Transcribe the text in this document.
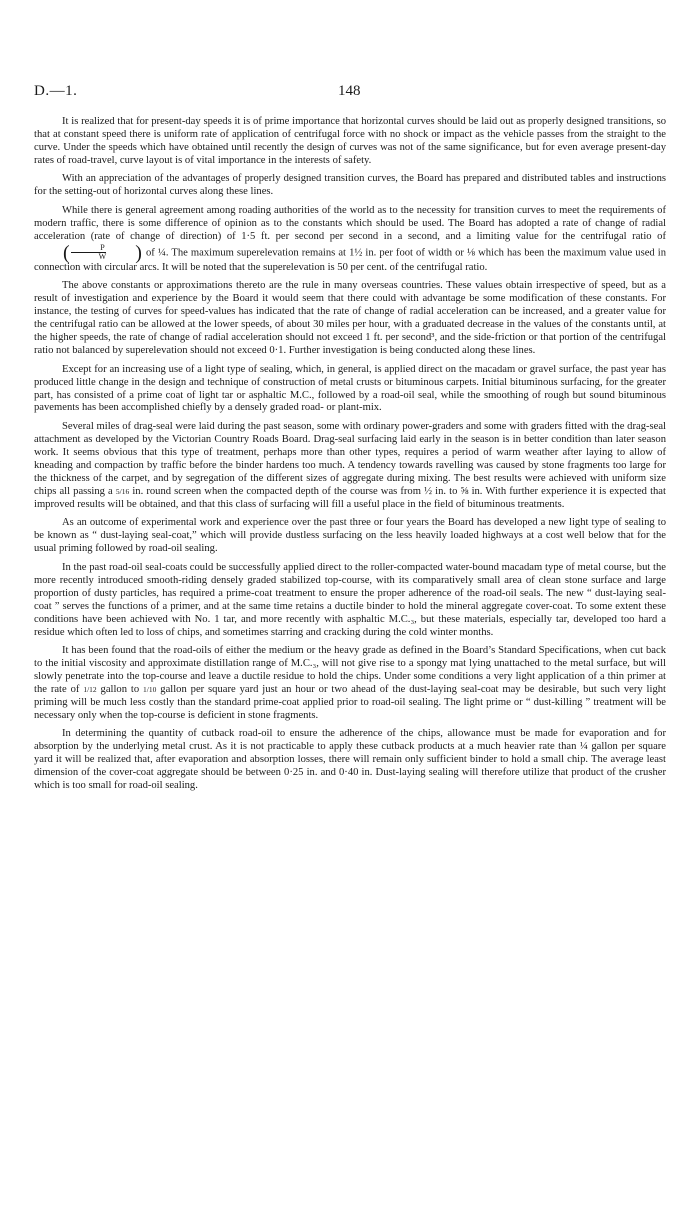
D.—1.	148

It is realized that for present-day speeds it is of prime importance that horizontal curves should be laid out as properly designed transitions, so that at constant speed there is uniform rate of application of centrifugal force with no shock or impact as the vehicle passes from the straight to the curve. Under the speeds which have obtained until recently the design of curves was not of the same significance, but for even average present-day rates of road-travel, curve layout is of vital importance in the interests of safety.

With an appreciation of the advantages of properly designed transition curves, the Board has prepared and distributed tables and instructions for the setting-out of horizontal curves along these lines.

While there is general agreement among roading authorities of the world as to the necessity for transition curves to meet the requirements of modern traffic, there is some difference of opinion as to the constants which should be used. The Board has adopted a rate of change of radial acceleration (rate of change of direction) of 1·5 ft. per second per second in a second, and a limiting value for the centrifugal ratio of
( $\frac{P}{W}$	) of ¼. The maximum superelevation remains at 1½ in. per foot of width or ⅛ which has been the maximum value used in connection with circular arcs. It will be noted that the superelevation is 50 per cent. of the centrifugal ratio.

The above constants or approximations thereto are the rule in many overseas countries. These values obtain irrespective of speed, but as a result of investigation and experience by the Board it would seem that there could with advantage be some modification of these constants. For instance, the testing of curves for speed-values has indicated that the rate of change of radial acceleration can be increased, and a greater value for the centrifugal ratio can be allowed at the lower speeds, of about 30 miles per hour, with a graduated decrease in the values of the constants until, at the higher speeds, the rate of change of radial acceleration should not exceed 1 ft. per second³, and the side-friction or that portion of the centrifugal ratio not balanced by superelevation should not exceed 0·1. Further investigation is being conducted along these lines.

Except for an increasing use of a light type of sealing, which, in general, is applied direct on the macadam or gravel surface, the past year has produced little change in the design and technique of construction of metal crusts or bituminous carpets. Initial bituminous surfacing, for the greater part, has consisted of a prime coat of light tar or asphaltic M.C., followed by a road-oil seal, while the smoothing of rough but sound bituminous pavements has been accomplished chiefly by a densely graded road- or plant-mix.

Several miles of drag-seal were laid during the past season, some with ordinary power-graders and some with graders fitted with the drag-seal attachment as developed by the Victorian Country Roads Board. Drag-seal surfacing laid early in the season is in better condition than later season work. It seems obvious that this type of treatment, perhaps more than other types, requires a period of warm weather after laying to allow of kneading and compaction by traffic before the binder hardens too much. A tendency towards ravelling was caused by stone fragments too large for the thickness of the carpet, and by segregation of the different sizes of aggregate during mixing. The best results were achieved with uniform size chips all passing a 5/16 in. round screen when the compacted depth of the course was from ½ in. to ⅝ in. With further experience it is expected that improved results will be obtained, and that this class of surfacing will fill a useful place in the field of bituminous treatments.

As an outcome of experimental work and experience over the past three or four years the Board has developed a new light type of sealing to be known as “ dust-laying seal-coat,” which will provide dustless surfacing on the less heavily loaded highways at a cost well below that for the usual priming followed by road-oil sealing.

In the past road-oil seal-coats could be successfully applied direct to the roller-compacted water-bound macadam type of metal course, but the more recently introduced smooth-riding densely graded stabilized top-course, with its comparatively small area of clean stone surface and large proportion of dusty particles, has required a prime-coat treatment to ensure the proper adherence of the road-oil seals. The new “ dust-laying seal-coat ” serves the functions of a primer, and at the same time retains a ductile binder to hold the mineral aggregate cover-coat. To some extent these conditions have been achieved with No. 1 tar, and more recently with asphaltic M.C.₃, but these materials, especially tar, developed too hard a residue which often led to loss of chips, and sometimes starring and cracking during the cold winter months.

It has been found that the road-oils of either the medium or the heavy grade as defined in the Board’s Standard Specifications, when cut back to the initial viscosity and approximate distillation range of M.C.₃, will not give rise to a spongy mat lying unattached to the metal surface, but will slowly penetrate into the top-course and leave a ductile residue to hold the chips. Under some conditions a very light application of a thin primer at the rate of 1/12 gallon to 1/10 gallon per square yard just an hour or two ahead of the dust-laying seal-coat may be desirable, but such very light priming will be much less costly than the standard prime-coat applied prior to road-oil sealing. The light prime or “ dust-killing ” treatment will be necessary only when the top-course is deficient in stone fragments.

In determining the quantity of cutback road-oil to ensure the adherence of the chips, allowance must be made for evaporation and for absorption by the underlying metal crust. As it is not practicable to apply these cutback products at a much heavier rate than ¼ gallon per square yard it will be realized that, after evaporation and absorption losses, there will remain only sufficient binder to hold a small chip. The average least dimension of the cover-coat aggregate should be between 0·25 in. and 0·40 in. Dust-laying sealing will therefore utilize that product of the crusher which is too small for road-oil sealing.
